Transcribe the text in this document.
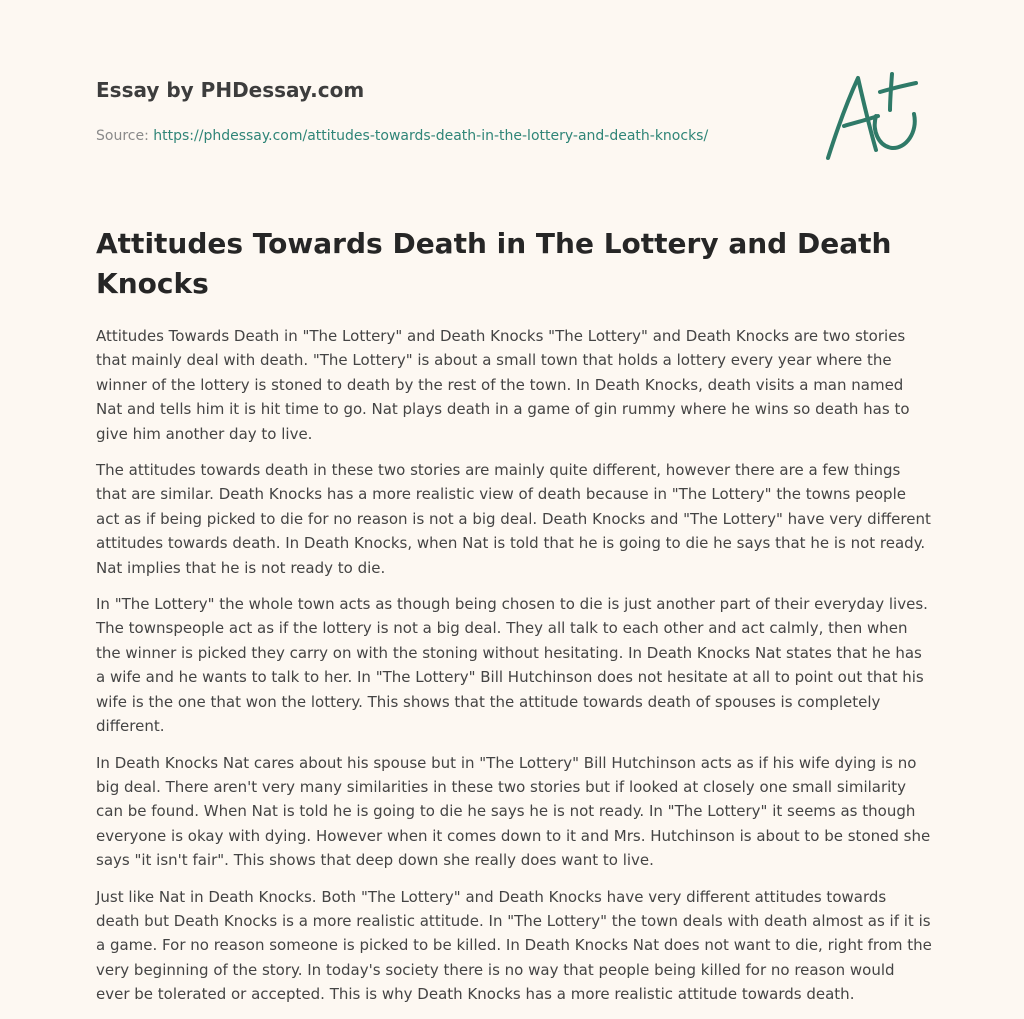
Essay by PHDessay.com
Source: https://phdessay.com/attitudes-towards-death-in-the-lottery-and-death-knocks/
Attitudes Towards Death in The Lottery and Death Knocks

Attitudes Towards Death in "The Lottery" and Death Knocks "The Lottery" and Death Knocks are two stories that mainly deal with death. "The Lottery" is about a small town that holds a lottery every year where the winner of the lottery is stoned to death by the rest of the town. In Death Knocks, death visits a man named Nat and tells him it is hit time to go. Nat plays death in a game of gin rummy where he wins so death has to give him another day to live.

The attitudes towards death in these two stories are mainly quite different, however there are a few things that are similar. Death Knocks has a more realistic view of death because in "The Lottery" the towns people act as if being picked to die for no reason is not a big deal. Death Knocks and "The Lottery" have very different attitudes towards death. In Death Knocks, when Nat is told that he is going to die he says that he is not ready. Nat implies that he is not ready to die.

In "The Lottery" the whole town acts as though being chosen to die is just another part of their everyday lives. The townspeople act as if the lottery is not a big deal. They all talk to each other and act calmly, then when the winner is picked they carry on with the stoning without hesitating. In Death Knocks Nat states that he has a wife and he wants to talk to her. In "The Lottery" Bill Hutchinson does not hesitate at all to point out that his wife is the one that won the lottery. This shows that the attitude towards death of spouses is completely different.

In Death Knocks Nat cares about his spouse but in "The Lottery" Bill Hutchinson acts as if his wife dying is no big deal. There aren't very many similarities in these two stories but if looked at closely one small similarity can be found. When Nat is told he is going to die he says he is not ready. In "The Lottery" it seems as though everyone is okay with dying. However when it comes down to it and Mrs. Hutchinson is about to be stoned she says "it isn't fair". This shows that deep down she really does want to live.

Just like Nat in Death Knocks. Both "The Lottery" and Death Knocks have very different attitudes towards death but Death Knocks is a more realistic attitude. In "The Lottery" the town deals with death almost as if it is a game. For no reason someone is picked to be killed. In Death Knocks Nat does not want to die, right from the very beginning of the story. In today's society there is no way that people being killed for no reason would ever be tolerated or accepted. This is why Death Knocks has a more realistic attitude towards death.
